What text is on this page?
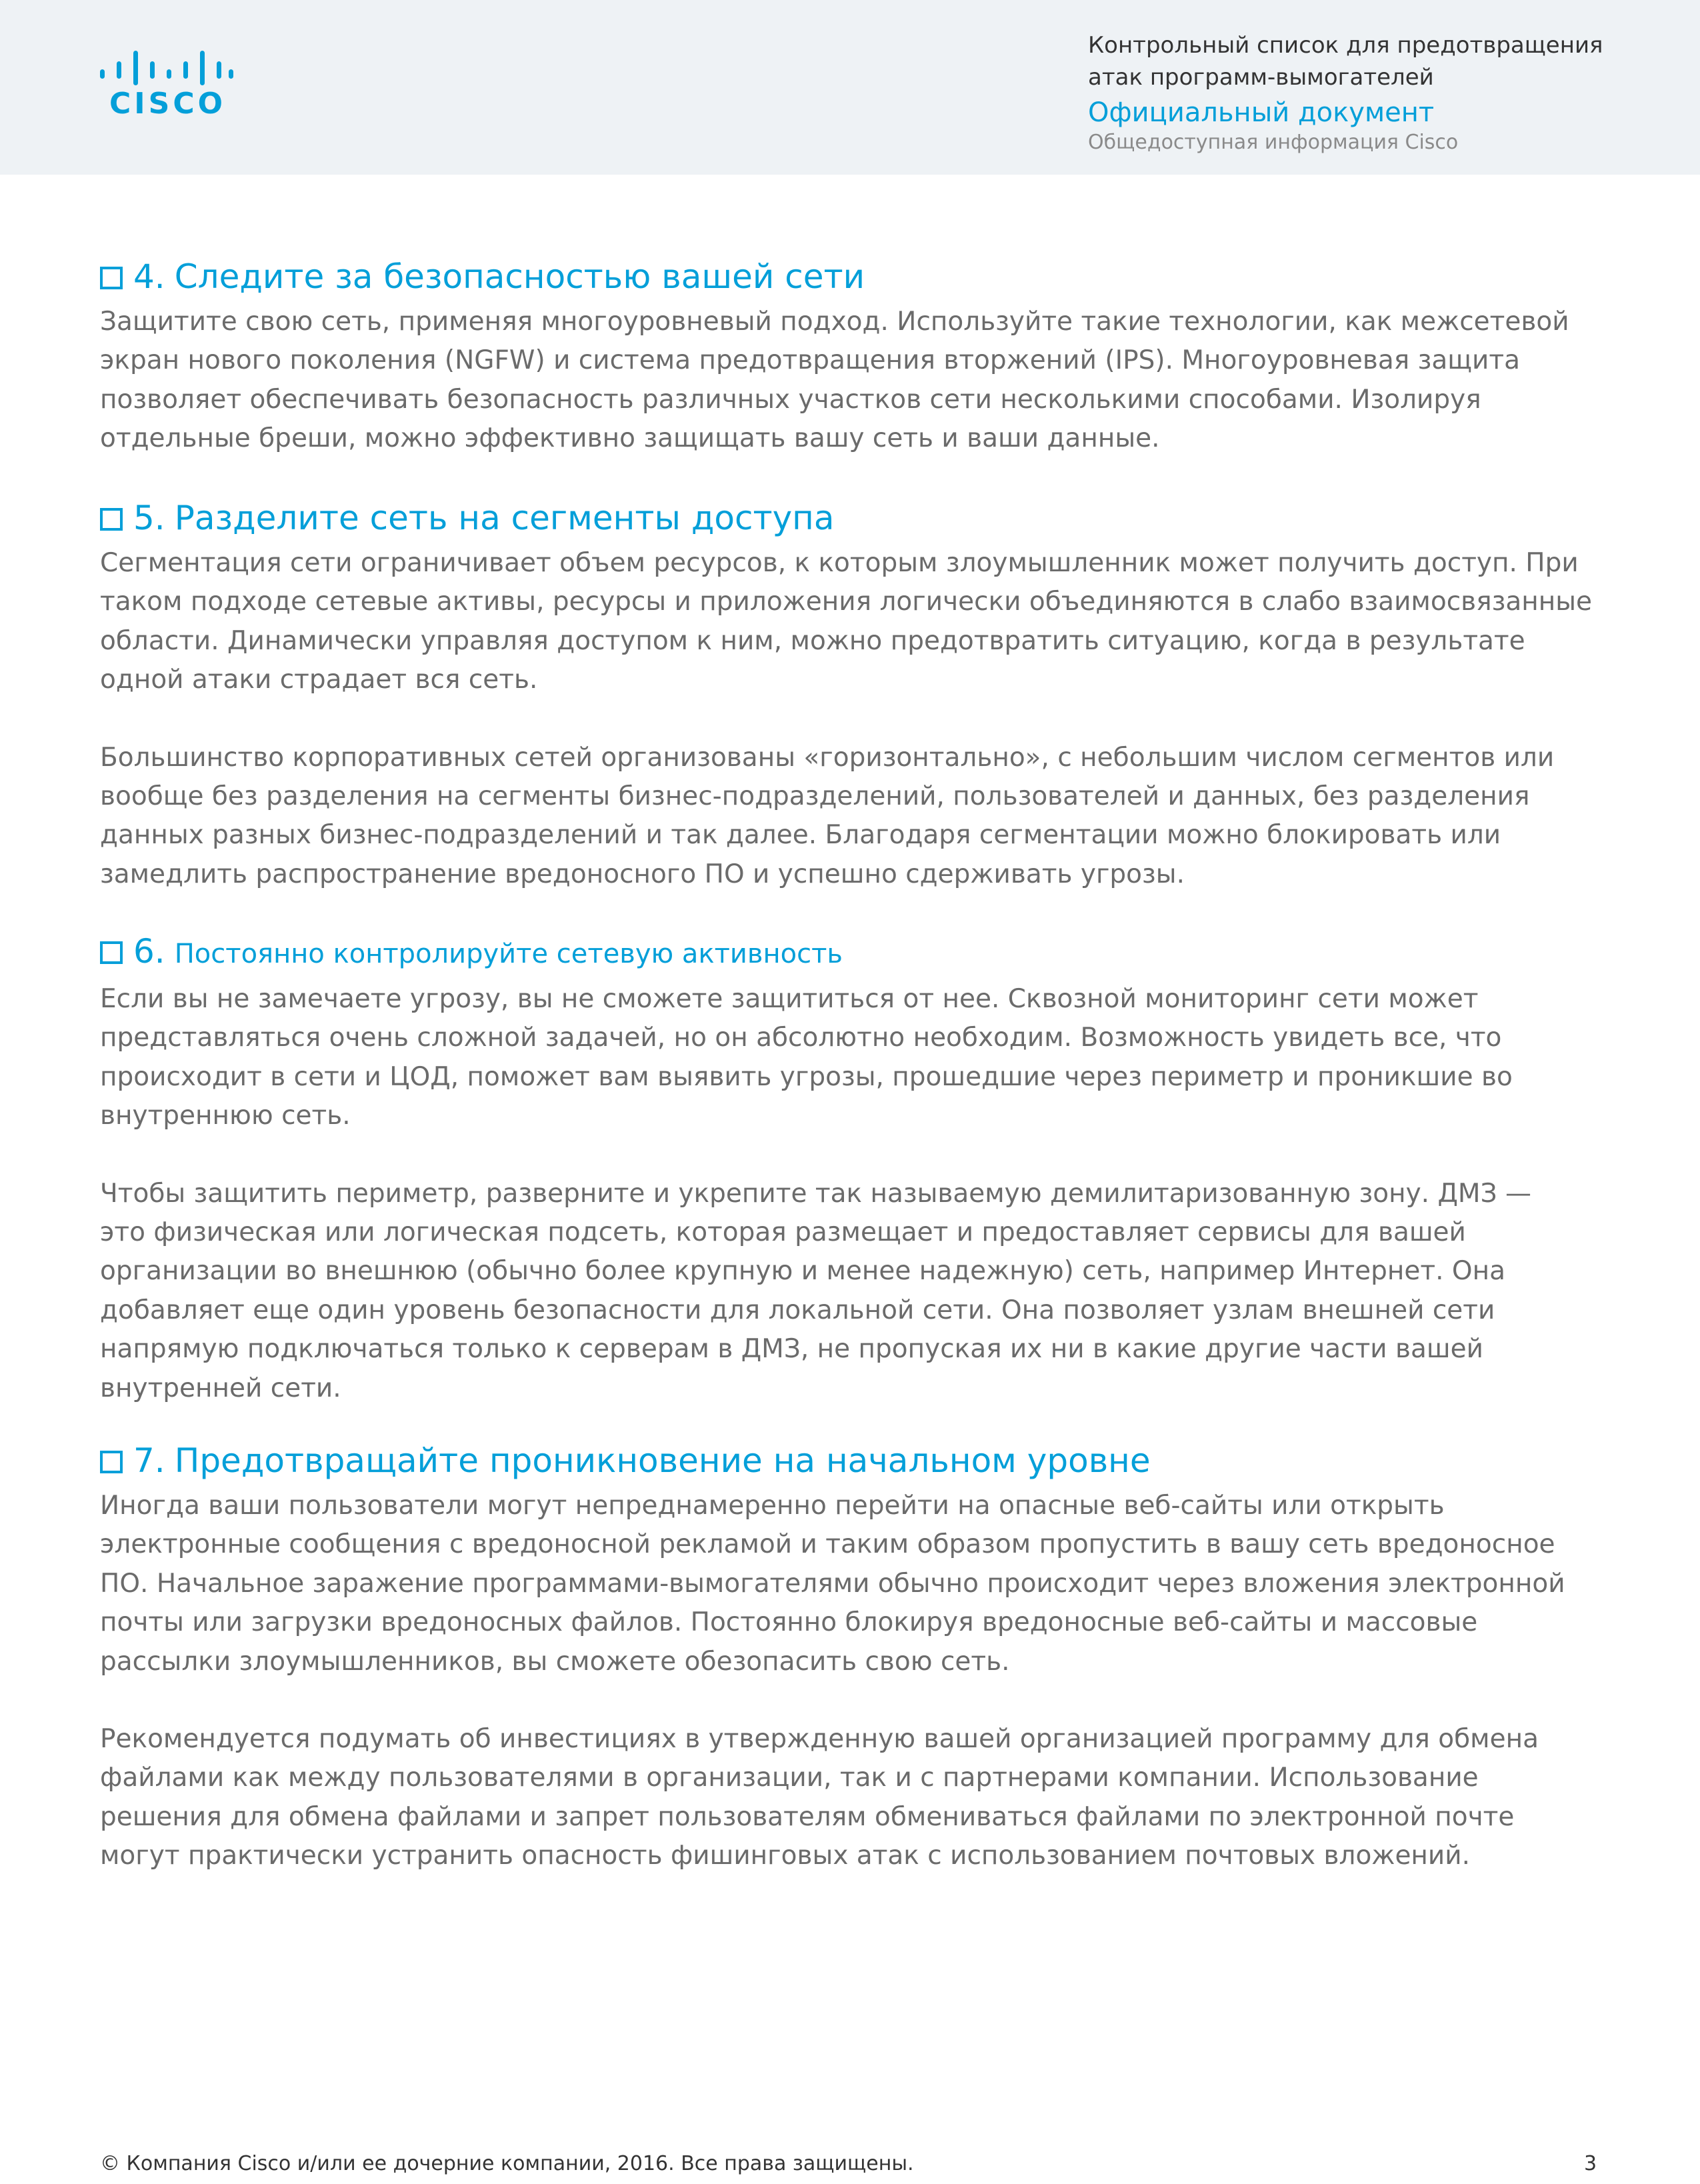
CISCO
Контрольный список для предотвращения
атак программ-вымогателей
Официальный документ
Общедоступная информация Cisco
4. Следите за безопасностью вашей сети

Защитите свою сеть, применяя многоуровневый подход. Используйте такие технологии, как межсетевой
экран нового поколения (NGFW) и система предотвращения вторжений (IPS). Многоуровневая защита
позволяет обеспечивать безопасность различных участков сети несколькими способами. Изолируя
отдельные бреши, можно эффективно защищать вашу сеть и ваши данные.

5. Разделите сеть на сегменты доступа

Сегментация сети ограничивает объем ресурсов, к которым злоумышленник может получить доступ. При
таком подходе сетевые активы, ресурсы и приложения логически объединяются в слабо взаимосвязанные
области. Динамически управляя доступом к ним, можно предотвратить ситуацию, когда в результате
одной атаки страдает вся сеть.

Большинство корпоративных сетей организованы «горизонтально», с небольшим числом сегментов или
вообще без разделения на сегменты бизнес-подразделений, пользователей и данных, без разделения
данных разных бизнес-подразделений и так далее. Благодаря сегментации можно блокировать или
замедлить распространение вредоносного ПО и успешно сдерживать угрозы.

6. Постоянно контролируйте сетевую активность

Если вы не замечаете угрозу, вы не сможете защититься от нее. Сквозной мониторинг сети может
представляться очень сложной задачей, но он абсолютно необходим. Возможность увидеть все, что
происходит в сети и ЦОД, поможет вам выявить угрозы, прошедшие через периметр и проникшие во
внутреннюю сеть.

Чтобы защитить периметр, разверните и укрепите так называемую демилитаризованную зону. ДМЗ —
это физическая или логическая подсеть, которая размещает и предоставляет сервисы для вашей
организации во внешнюю (обычно более крупную и менее надежную) сеть, например Интернет. Она
добавляет еще один уровень безопасности для локальной сети. Она позволяет узлам внешней сети
напрямую подключаться только к серверам в ДМЗ, не пропуская их ни в какие другие части вашей
внутренней сети.

7. Предотвращайте проникновение на начальном уровне

Иногда ваши пользователи могут непреднамеренно перейти на опасные веб-сайты или открыть
электронные сообщения с вредоносной рекламой и таким образом пропустить в вашу сеть вредоносное
ПО. Начальное заражение программами-вымогателями обычно происходит через вложения электронной
почты или загрузки вредоносных файлов. Постоянно блокируя вредоносные веб-сайты и массовые
рассылки злоумышленников, вы сможете обезопасить свою сеть.

Рекомендуется подумать об инвестициях в утвержденную вашей организацией программу для обмена
файлами как между пользователями в организации, так и с партнерами компании. Использование
решения для обмена файлами и запрет пользователям обмениваться файлами по электронной почте
могут практически устранить опасность фишинговых атак с использованием почтовых вложений.

© Компания Cisco и/или ее дочерние компании, 2016. Все права защищены.	3
